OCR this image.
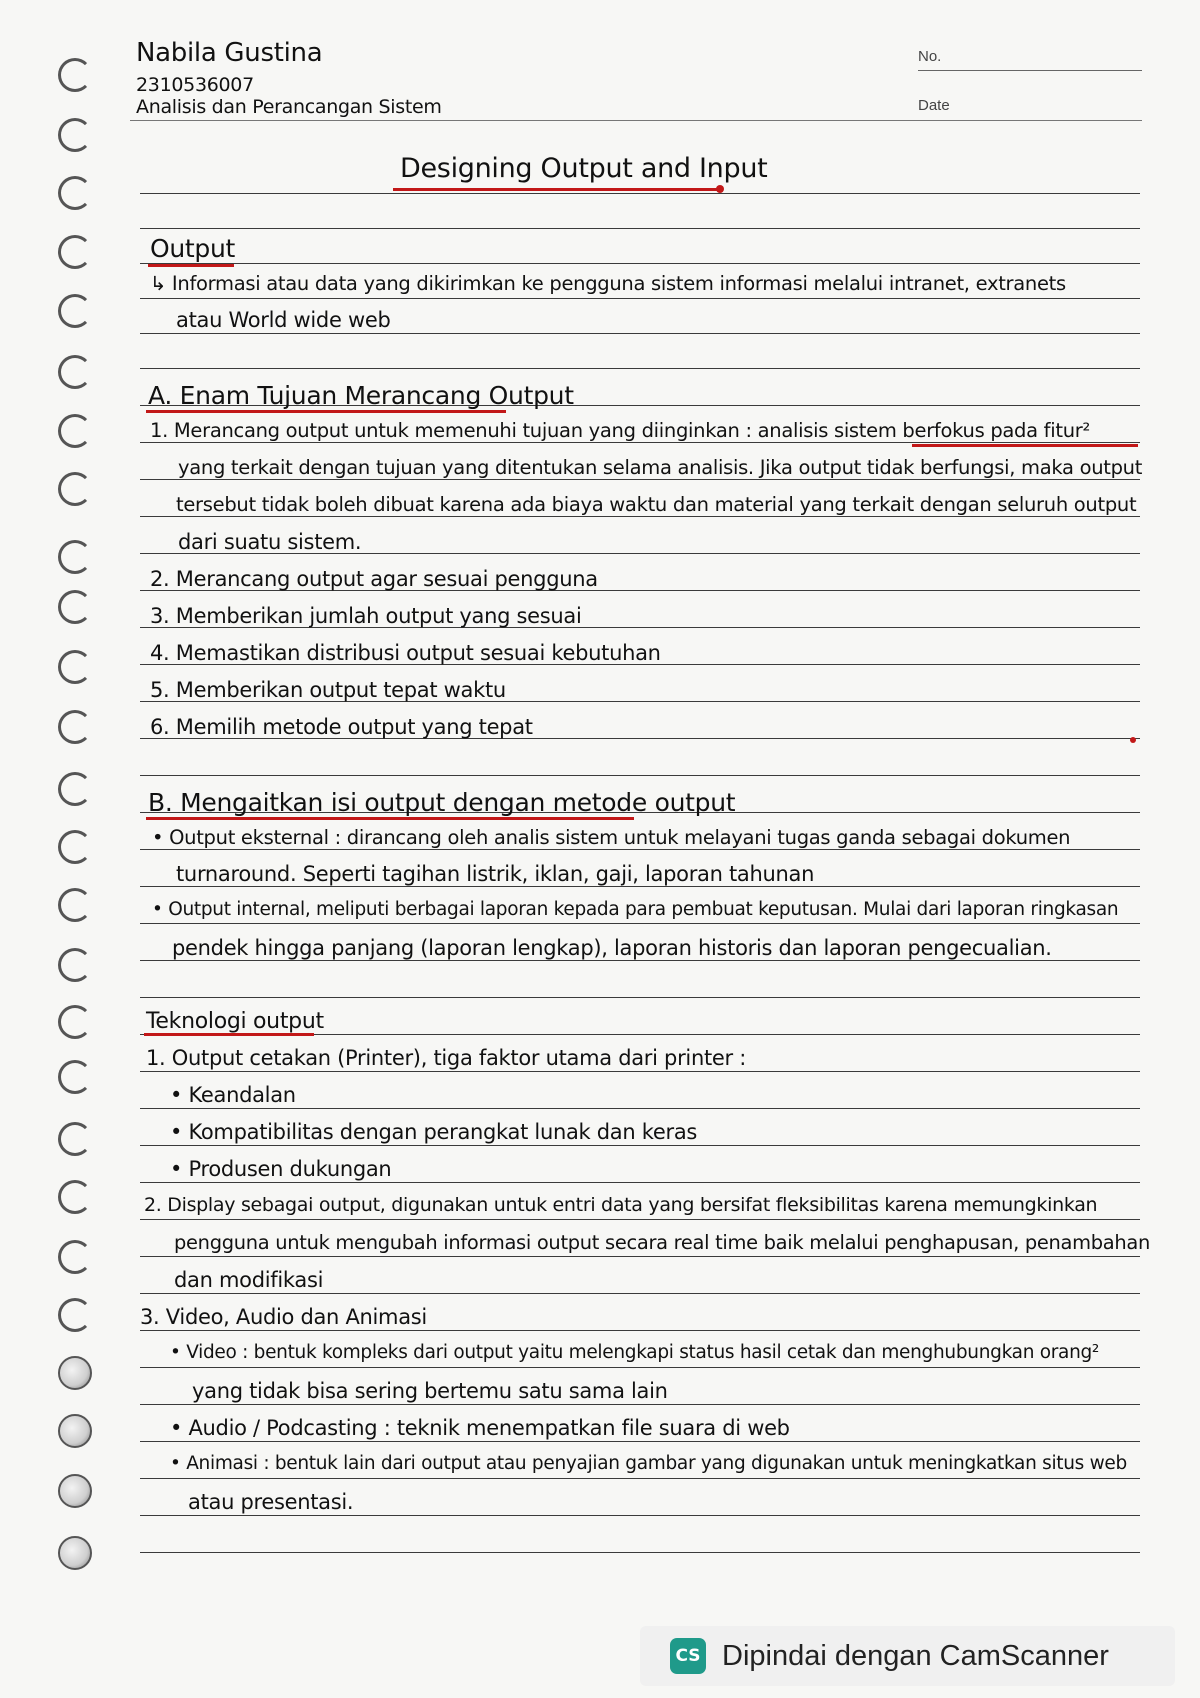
No.
Date
Nabila Gustina
2310536007
Analisis dan Perancangan Sistem
Designing Output and Input
Output
↳ Informasi atau data yang dikirimkan ke pengguna sistem informasi melalui intranet, extranets
atau World wide web
A. Enam Tujuan Merancang Output
1. Merancang output untuk memenuhi tujuan yang diinginkan : analisis sistem berfokus pada fitur²
yang terkait dengan tujuan yang ditentukan selama analisis. Jika output tidak berfungsi, maka output
tersebut tidak boleh dibuat karena ada biaya waktu dan material yang terkait dengan seluruh output
dari suatu sistem.
2. Merancang output agar sesuai pengguna
3. Memberikan jumlah output yang sesuai
4. Memastikan distribusi output sesuai kebutuhan
5. Memberikan output tepat waktu
6. Memilih metode output yang tepat
B. Mengaitkan isi output dengan metode output
• Output eksternal : dirancang oleh analis sistem untuk melayani tugas ganda sebagai dokumen
turnaround. Seperti tagihan listrik, iklan, gaji, laporan tahunan
• Output internal, meliputi berbagai laporan kepada para pembuat keputusan. Mulai dari laporan ringkasan
pendek hingga panjang (laporan lengkap), laporan historis dan laporan pengecualian.
Teknologi output
1. Output cetakan (Printer), tiga faktor utama dari printer :
• Keandalan
• Kompatibilitas dengan perangkat lunak dan keras
• Produsen dukungan
2. Display sebagai output, digunakan untuk entri data yang bersifat fleksibilitas karena memungkinkan
pengguna untuk mengubah informasi output secara real time baik melalui penghapusan, penambahan
dan modifikasi
3. Video, Audio dan Animasi
• Video : bentuk kompleks dari output yaitu melengkapi status hasil cetak dan menghubungkan orang²
yang tidak bisa sering bertemu satu sama lain
• Audio / Podcasting : teknik menempatkan file suara di web
• Animasi : bentuk lain dari output atau penyajian gambar yang digunakan untuk meningkatkan situs web
atau presentasi.
CS Dipindai dengan CamScanner
